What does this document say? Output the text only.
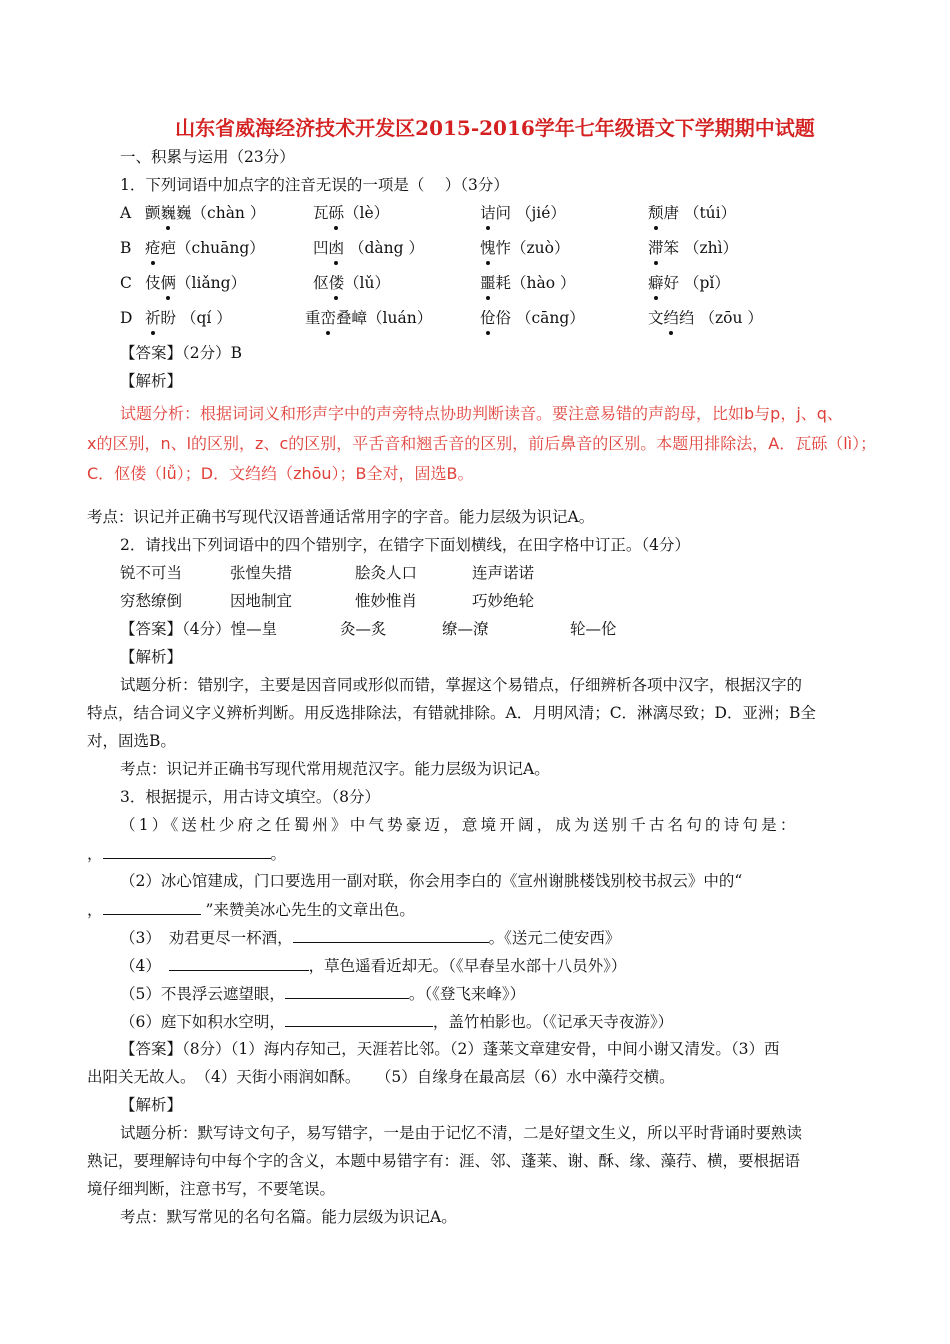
山东省威海经济技术开发区2015-2016学年七年级语文下学期期中试题
一、积累与运用（23分）
1．下列词语中加点字的注音无误的一项是（　 ）（3分）
A 颤巍巍（chàn ）	瓦砾（lè）	诘问 （jié）	颓唐 （túi）
B 疮疤（chuāng）	凹凼 （dàng ）	愧怍（zuò）	滞笨 （zhì）
C 伎俩（liǎng）	伛偻（lǔ）	噩耗（hào ）	癖好 （pǐ）
D 祈盼 （qí ）	重峦叠嶂（luán）	伧俗 （cāng）	文绉绉 （zōu ）
【答案】（2分）B
【解析】
试题分析：根据词词义和形声字中的声旁特点协助判断读音。要注意易错的声韵母，比如b与p，j、q、
x的区别，n、l的区别，z、c的区别，平舌音和翘舌音的区别，前后鼻音的区别。本题用排除法，A．瓦砾（lì）；
C．伛偻（lǚ）；D．文绉绉（zhōu）；B全对，固选B。
考点：识记并正确书写现代汉语普通话常用字的字音。能力层级为识记A。
2．请找出下列词语中的四个错别字，在错字下面划横线，在田字格中订正。（4分）
锐不可当	张惶失措	脍灸人口	连声诺诺
穷愁缭倒	因地制宜	惟妙惟肖	巧妙绝轮
【答案】（4分）惶—皇	灸—炙	缭—潦	轮—伦
【解析】
试题分析：错别字，主要是因音同或形似而错，掌握这个易错点，仔细辨析各项中汉字，根据汉字的
特点，结合词义字义辨析判断。用反选排除法，有错就排除。A．月明风清；C．淋漓尽致；D．亚洲；B全
对，固选B。
考点：识记并正确书写现代常用规范汉字。能力层级为识记A。
3．根据提示，用古诗文填空。（8分）
（1）《送杜少府之任蜀州》中气势豪迈，意境开阔，成为送别千古名句的诗句是：
，	。
（2）冰心馆建成，门口要选用一副对联，你会用李白的《宣州谢朓楼饯别校书叔云》中的“
，	”来赞美冰心先生的文章出色。
（3）　劝君更尽一杯酒，	。《送元二使安西》
（4）　	，草色遥看近却无。（《早春呈水部十八员外》）
（5）不畏浮云遮望眼，	。（《登飞来峰》）
（6）庭下如积水空明，	，盖竹柏影也。（《记承天寺夜游》）
【答案】（8分）（1）海内存知己，天涯若比邻。（2）蓬莱文章建安骨，中间小谢又清发。（3）西
出阳关无故人。　（4）天街小雨润如酥。　　（5）自缘身在最高层（6）水中藻荇交横。
【解析】
试题分析：默写诗文句子，易写错字，一是由于记忆不清，二是好望文生义，所以平时背诵时要熟读
熟记，要理解诗句中每个字的含义，本题中易错字有：涯、邻、蓬莱、谢、酥、缘、藻荇、横，要根据语
境仔细判断，注意书写，不要笔误。
考点：默写常见的名句名篇。能力层级为识记A。
